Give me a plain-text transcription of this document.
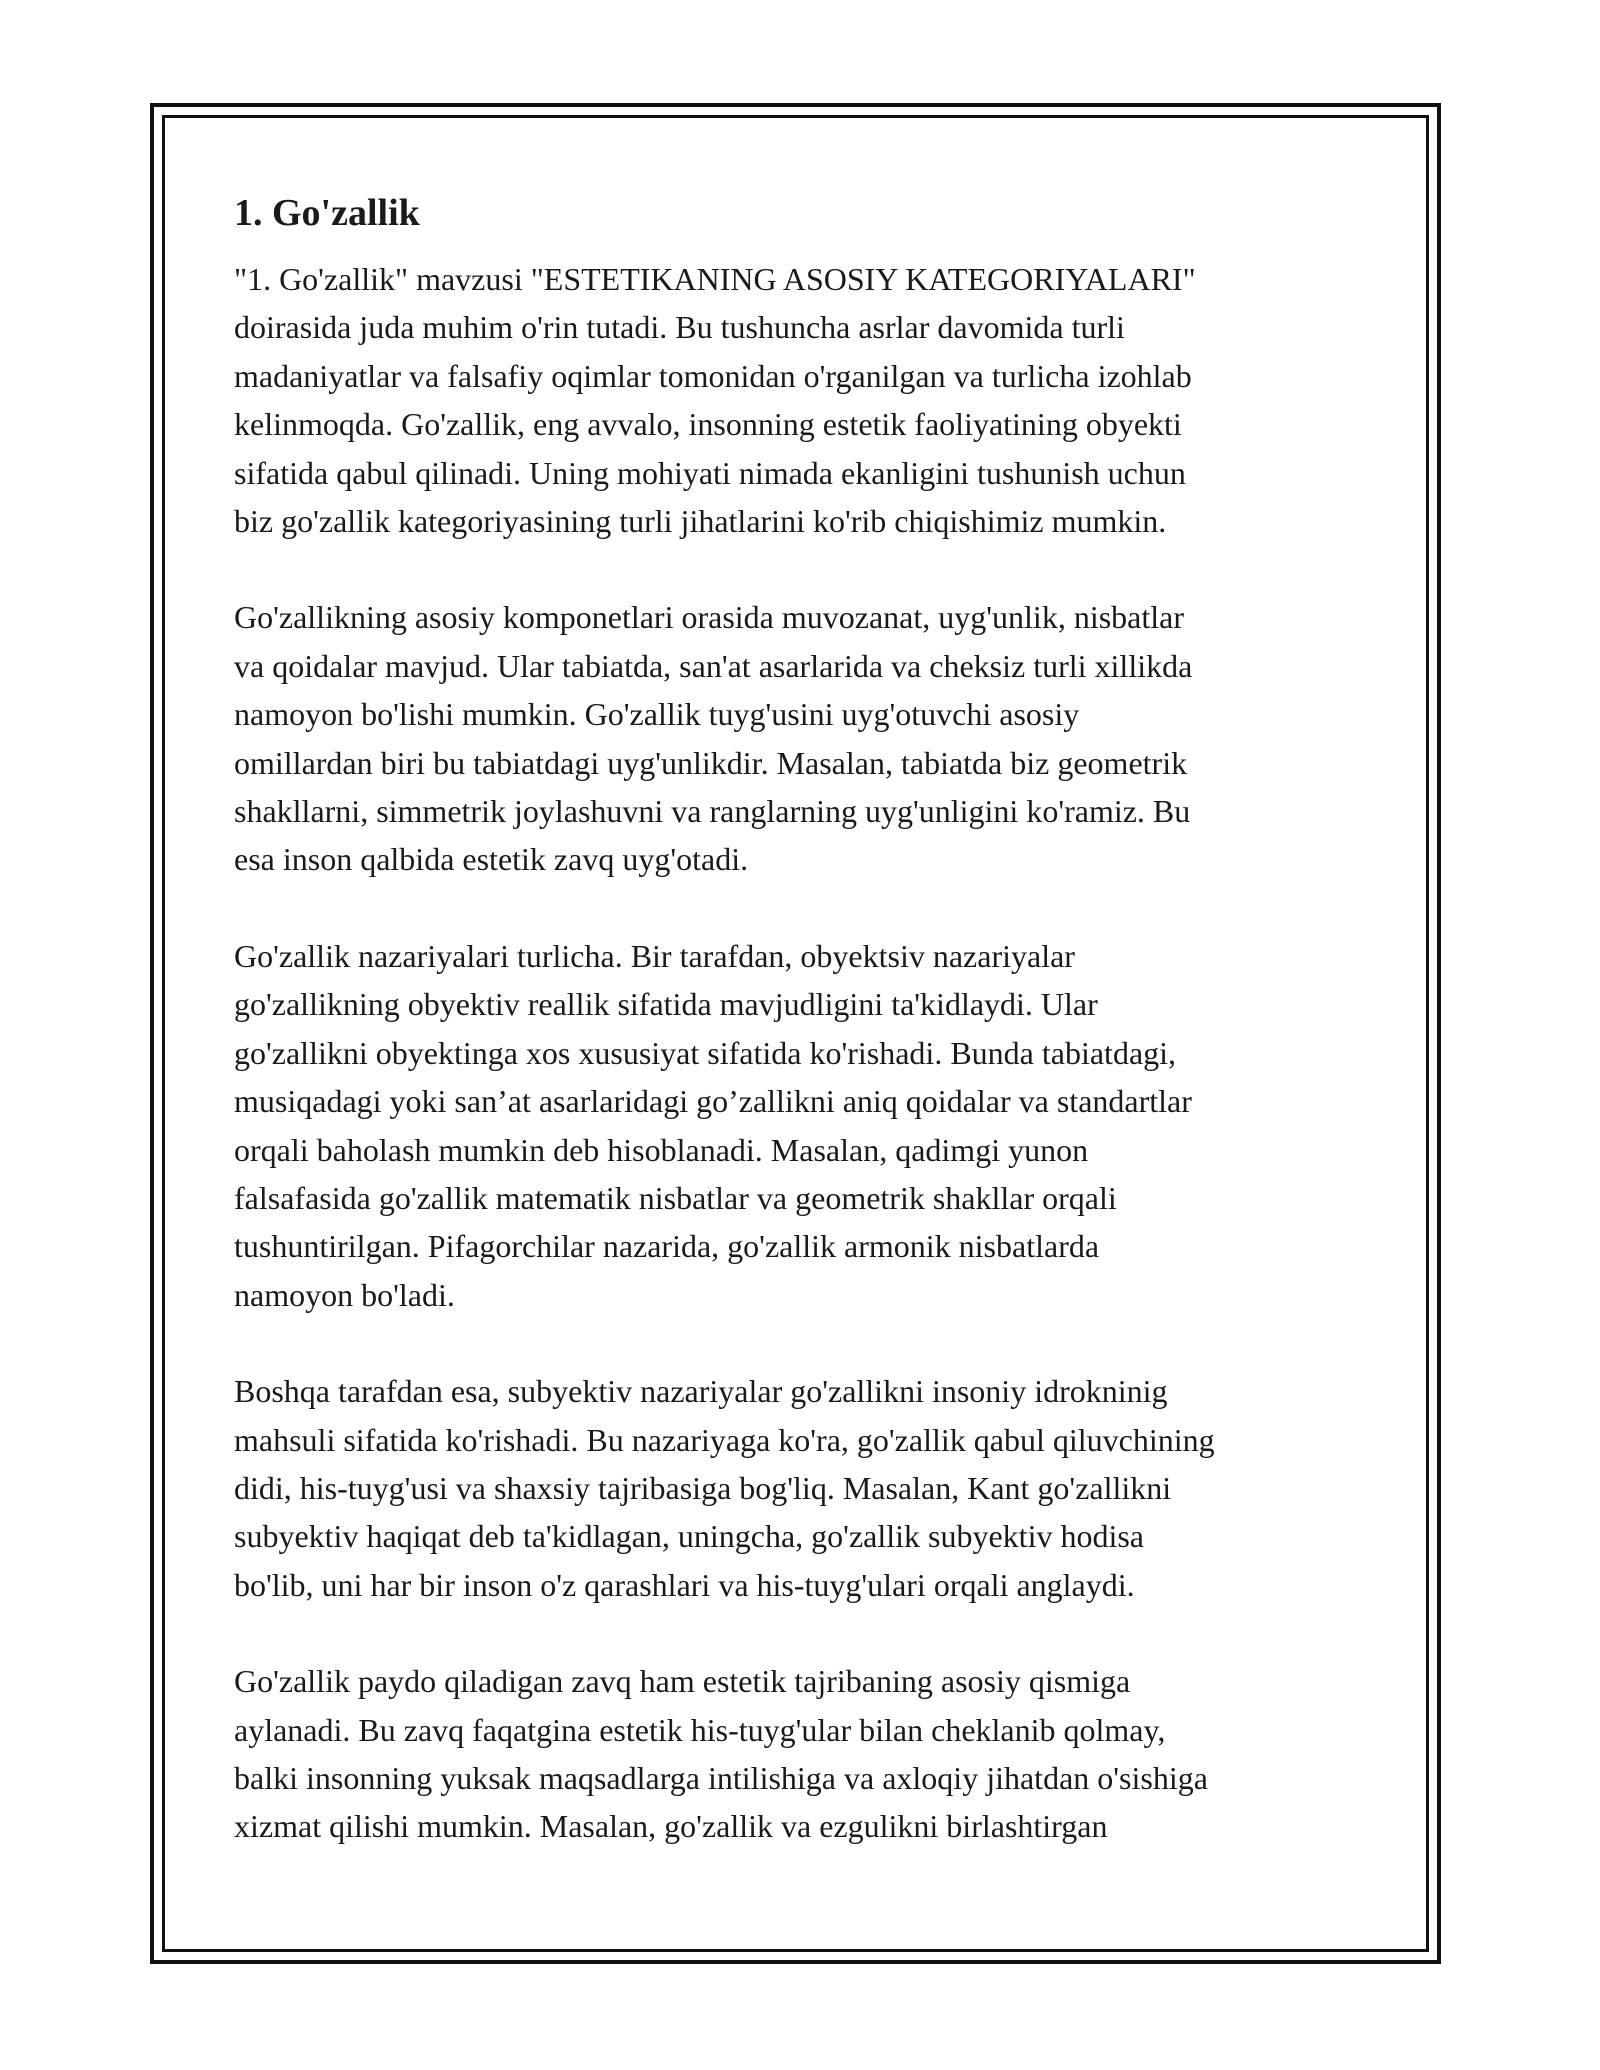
1. Go'zallik
"1. Go'zallik" mavzusi "ESTETIKANING ASOSIY KATEGORIYALARI"
doirasida juda muhim o'rin tutadi. Bu tushuncha asrlar davomida turli
madaniyatlar va falsafiy oqimlar tomonidan o'rganilgan va turlicha izohlab
kelinmoqda. Go'zallik, eng avvalo, insonning estetik faoliyatining obyekti
sifatida qabul qilinadi. Uning mohiyati nimada ekanligini tushunish uchun
biz go'zallik kategoriyasining turli jihatlarini ko'rib chiqishimiz mumkin.
Go'zallikning asosiy komponetlari orasida muvozanat, uyg'unlik, nisbatlar
va qoidalar mavjud. Ular tabiatda, san'at asarlarida va cheksiz turli xillikda
namoyon bo'lishi mumkin. Go'zallik tuyg'usini uyg'otuvchi asosiy
omillardan biri bu tabiatdagi uyg'unlikdir. Masalan, tabiatda biz geometrik
shakllarni, simmetrik joylashuvni va ranglarning uyg'unligini ko'ramiz. Bu
esa inson qalbida estetik zavq uyg'otadi.
Go'zallik nazariyalari turlicha. Bir tarafdan, obyektsiv nazariyalar
go'zallikning obyektiv reallik sifatida mavjudligini ta'kidlaydi. Ular
go'zallikni obyektinga xos xususiyat sifatida ko'rishadi. Bunda tabiatdagi,
musiqadagi yoki san’at asarlaridagi go’zallikni aniq qoidalar va standartlar
orqali baholash mumkin deb hisoblanadi. Masalan, qadimgi yunon
falsafasida go'zallik matematik nisbatlar va geometrik shakllar orqali
tushuntirilgan. Pifagorchilar nazarida, go'zallik armonik nisbatlarda
namoyon bo'ladi.
Boshqa tarafdan esa, subyektiv nazariyalar go'zallikni insoniy idrokninig
mahsuli sifatida ko'rishadi. Bu nazariyaga ko'ra, go'zallik qabul qiluvchining
didi, his-tuyg'usi va shaxsiy tajribasiga bog'liq. Masalan, Kant go'zallikni
subyektiv haqiqat deb ta'kidlagan, uningcha, go'zallik subyektiv hodisa
bo'lib, uni har bir inson o'z qarashlari va his-tuyg'ulari orqali anglaydi.
Go'zallik paydo qiladigan zavq ham estetik tajribaning asosiy qismiga
aylanadi. Bu zavq faqatgina estetik his-tuyg'ular bilan cheklanib qolmay,
balki insonning yuksak maqsadlarga intilishiga va axloqiy jihatdan o'sishiga
xizmat qilishi mumkin. Masalan, go'zallik va ezgulikni birlashtirgan
